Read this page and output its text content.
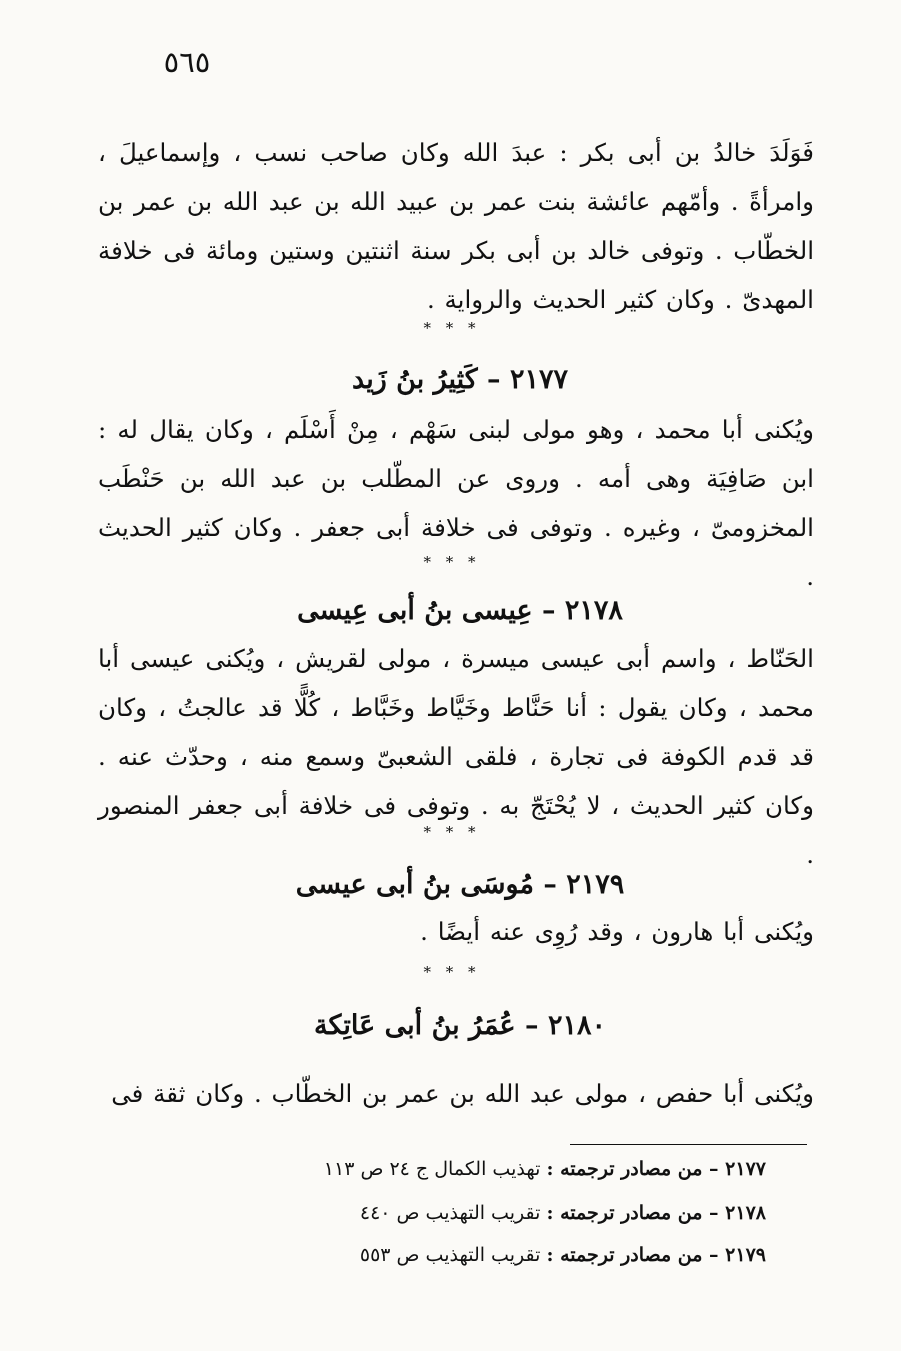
٥٦٥
فَوَلَدَ خالدُ بن أبى بكر : عبدَ الله وكان صاحب نسب ، وإسماعيلَ ، وامرأةً . وأمّهم عائشة بنت عمر بن عبيد الله بن عبد الله بن عمر بن الخطّاب . وتوفى خالد بن أبى بكر سنة اثنتين وستين ومائة فى خلافة المهدىّ . وكان كثير الحديث والرواية .
* * *
٢١٧٧ – كَثِيرُ بنُ زَيد
ويُكنى أبا محمد ، وهو مولى لبنى سَهْم ، مِنْ أَسْلَم ، وكان يقال له : ابن صَافِيَة وهى أمه . وروى عن المطّلب بن عبد الله بن حَنْطَب المخزومىّ ، وغيره . وتوفى فى خلافة أبى جعفر . وكان كثير الحديث .
* * *
٢١٧٨ – عِيسى بنُ أبى عِيسى
الحَنّاط ، واسم أبى عيسى ميسرة ، مولى لقريش ، ويُكنى عيسى أبا محمد ، وكان يقول : أنا حَنَّاط وخَيَّاط وخَبَّاط ، كُلًّا قد عالجتُ ، وكان قد قدم الكوفة فى تجارة ، فلقى الشعبىّ وسمع منه ، وحدّث عنه . وكان كثير الحديث ، لا يُحْتَجّ به . وتوفى فى خلافة أبى جعفر المنصور .
* * *
٢١٧٩ – مُوسَى بنُ أبى عيسى
ويُكنى أبا هارون ، وقد رُوِى عنه أيضًا .
* * *
٢١٨٠ – عُمَرُ بنُ أبى عَاتِكة
ويُكنى أبا حفص ، مولى عبد الله بن عمر بن الخطّاب . وكان ثقة فى
٢١٧٧ – من مصادر ترجمته : تهذيب الكمال ج ٢٤ ص ١١٣
٢١٧٨ – من مصادر ترجمته : تقريب التهذيب ص ٤٤٠
٢١٧٩ – من مصادر ترجمته : تقريب التهذيب ص ٥٥٣
